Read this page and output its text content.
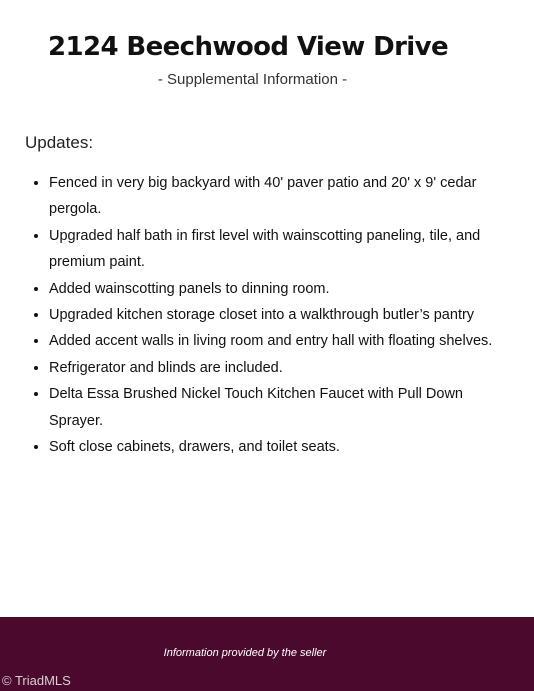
2124 Beechwood View Drive
- Supplemental Information -
Updates:
• Fenced in very big backyard with 40' paver patio and 20' x 9' cedar pergola.
• Upgraded half bath in first level with wainscotting paneling, tile, and premium paint.
• Added wainscotting panels to dinning room.
• Upgraded kitchen storage closet into a walkthrough butler’s pantry
• Added accent walls in living room and entry hall with floating shelves.
• Refrigerator and blinds are included.
• Delta Essa Brushed Nickel Touch Kitchen Faucet with Pull Down Sprayer.
• Soft close cabinets, drawers, and toilet seats.
Information provided by the seller
© TriadMLS
